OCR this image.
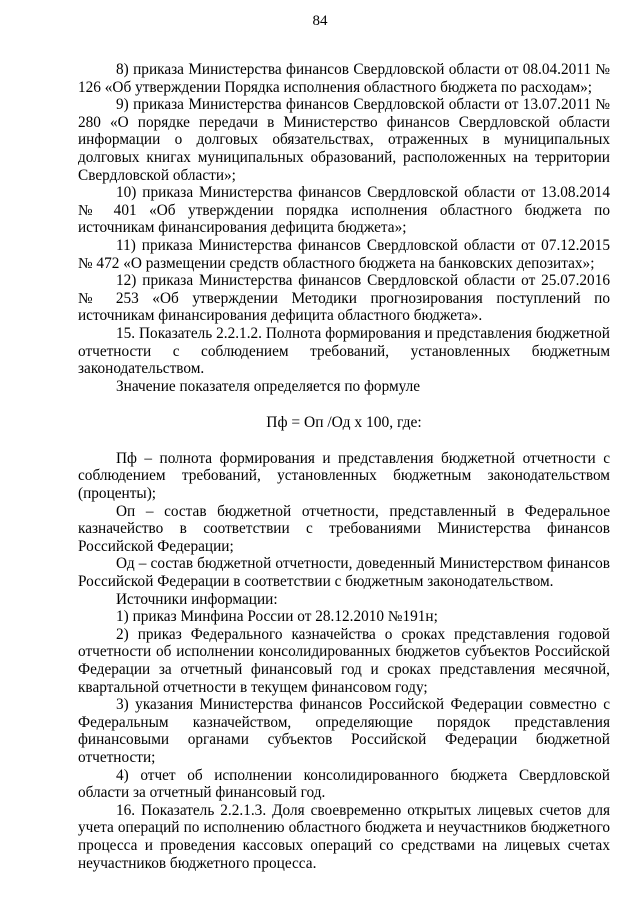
84

8) приказа Министерства финансов Свердловской области от 08.04.2011 № 126 «Об утверждении Порядка исполнения областного бюджета по расходам»;

9) приказа Министерства финансов Свердловской области от 13.07.2011 № 280 «О порядке передачи в Министерство финансов Свердловской области информации о долговых обязательствах, отраженных в муниципальных долговых книгах муниципальных образований, расположенных на территории Свердловской области»;

10) приказа Министерства финансов Свердловской области от 13.08.2014 № 401 «Об утверждении порядка исполнения областного бюджета по источникам финансирования дефицита бюджета»;

11) приказа Министерства финансов Свердловской области от 07.12.2015 № 472 «О размещении средств областного бюджета на банковских депозитах»;

12) приказа Министерства финансов Свердловской области от 25.07.2016 № 253 «Об утверждении Методики прогнозирования поступлений по источникам финансирования дефицита областного бюджета».

15. Показатель 2.2.1.2. Полнота формирования и представления бюджетной отчетности с соблюдением требований, установленных бюджетным законодательством.

Значение показателя определяется по формуле

Пф = Оп /Од х 100, где:

Пф – полнота формирования и представления бюджетной отчетности с соблюдением требований, установленных бюджетным законодательством (проценты);

Оп – состав бюджетной отчетности, представленный в Федеральное казначейство в соответствии с требованиями Министерства финансов Российской Федерации;

Од – состав бюджетной отчетности, доведенный Министерством финансов Российской Федерации в соответствии с бюджетным законодательством.

Источники информации:

1) приказ Минфина России от 28.12.2010 №191н;

2) приказ Федерального казначейства о сроках представления годовой отчетности об исполнении консолидированных бюджетов субъектов Российской Федерации за отчетный финансовый год и сроках представления месячной, квартальной отчетности в текущем финансовом году;

3) указания Министерства финансов Российской Федерации совместно с Федеральным казначейством, определяющие порядок представления финансовыми органами субъектов Российской Федерации бюджетной отчетности;

4) отчет об исполнении консолидированного бюджета Свердловской области за отчетный финансовый год.

16. Показатель 2.2.1.3. Доля своевременно открытых лицевых счетов для учета операций по исполнению областного бюджета и неучастников бюджетного процесса и проведения кассовых операций со средствами на лицевых счетах неучастников бюджетного процесса.
